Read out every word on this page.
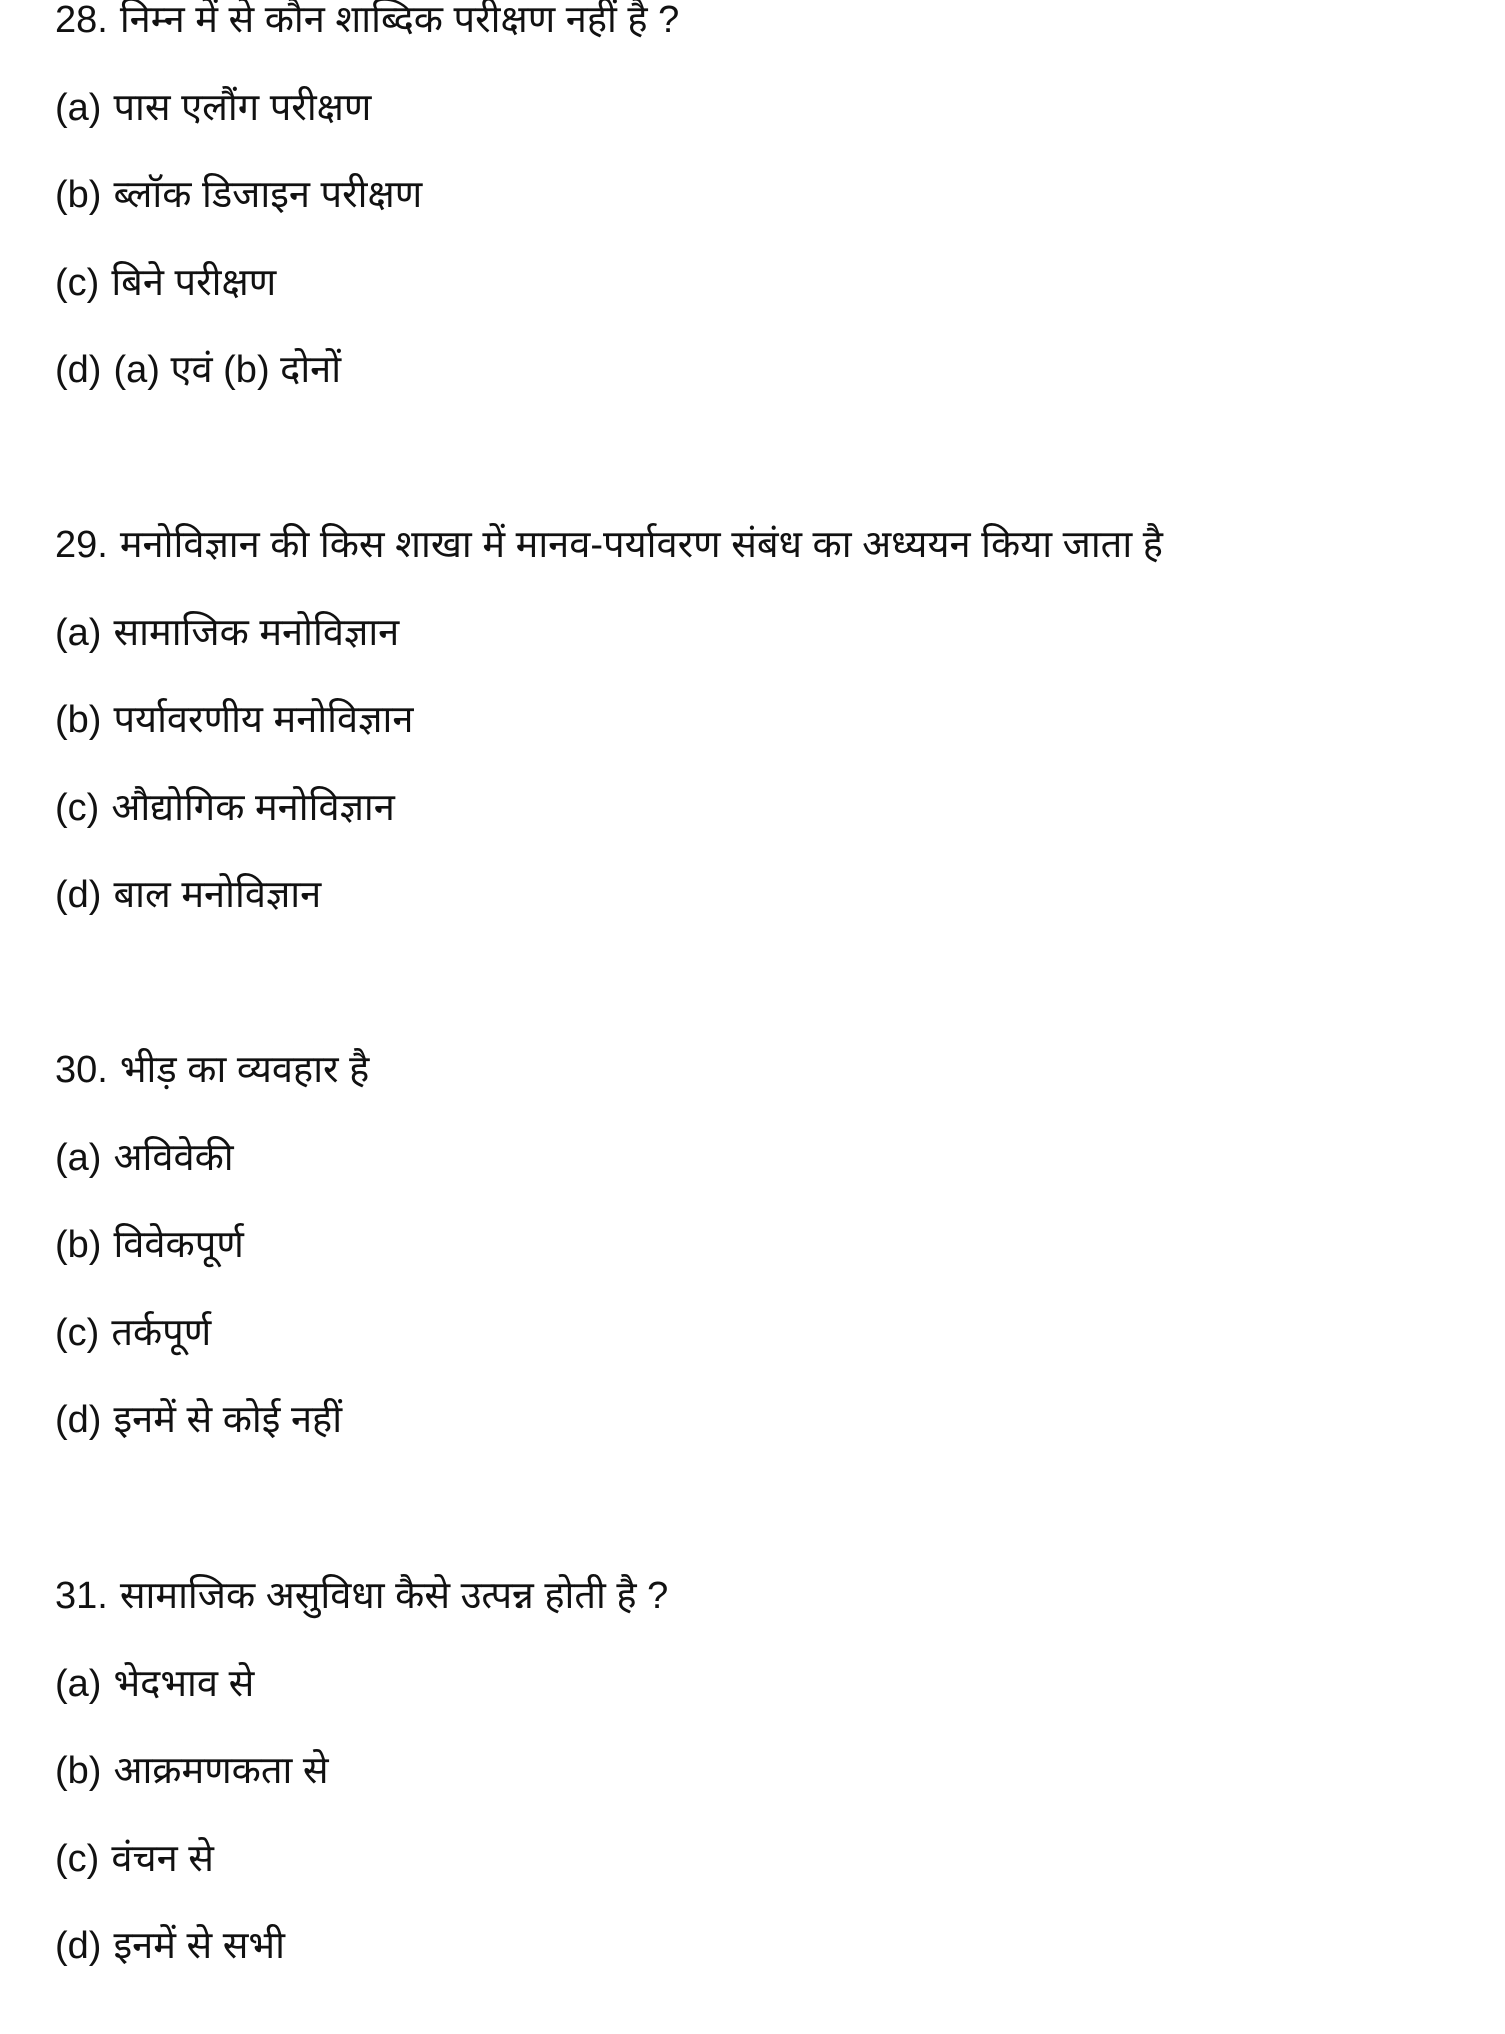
28. निम्न में से कौन शाब्दिक परीक्षण नहीं है ?
(a) पास एलौंग परीक्षण
(b) ब्लॉक डिजाइन परीक्षण
(c) बिने परीक्षण
(d) (a) एवं (b) दोनों
29. मनोविज्ञान की किस शाखा में मानव-पर्यावरण संबंध का अध्ययन किया जाता है
(a) सामाजिक मनोविज्ञान
(b) पर्यावरणीय मनोविज्ञान
(c) औद्योगिक मनोविज्ञान
(d) बाल मनोविज्ञान
30. भीड़ का व्यवहार है
(a) अविवेकी
(b) विवेकपूर्ण
(c) तर्कपूर्ण
(d) इनमें से कोई नहीं
31. सामाजिक असुविधा कैसे उत्पन्न होती है ?
(a) भेदभाव से
(b) आक्रमणकता से
(c) वंचन से
(d) इनमें से सभी
